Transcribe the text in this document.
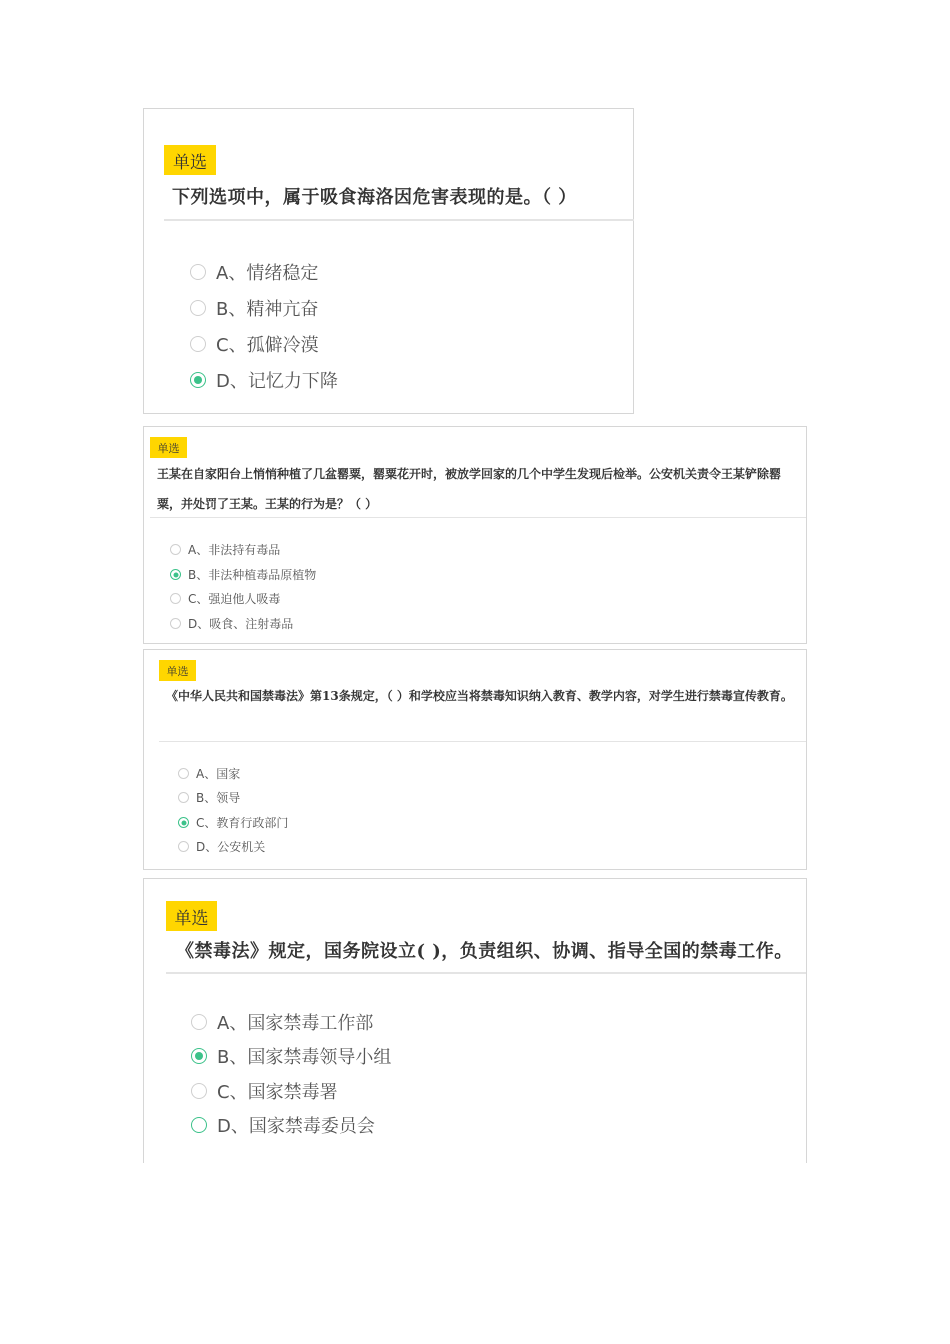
单选
下列选项中，属于吸食海洛因危害表现的是。（ ）
A、情绪稳定
B、精神亢奋
C、孤僻冷漠
D、记忆力下降
单选
王某在自家阳台上悄悄种植了几盆罂粟，罂粟花开时，被放学回家的几个中学生发现后检举。公安机关责令王某铲除罂粟，并处罚了王某。王某的行为是？（ ）
A、非法持有毒品
B、非法种植毒品原植物
C、强迫他人吸毒
D、吸食、注射毒品
单选
《中华人民共和国禁毒法》第13条规定，（ ）和学校应当将禁毒知识纳入教育、教学内容，对学生进行禁毒宣传教育。
A、国家
B、领导
C、教育行政部门
D、公安机关
单选
《禁毒法》规定，国务院设立( )，负责组织、协调、指导全国的禁毒工作。
A、国家禁毒工作部
B、国家禁毒领导小组
C、国家禁毒署
D、国家禁毒委员会
